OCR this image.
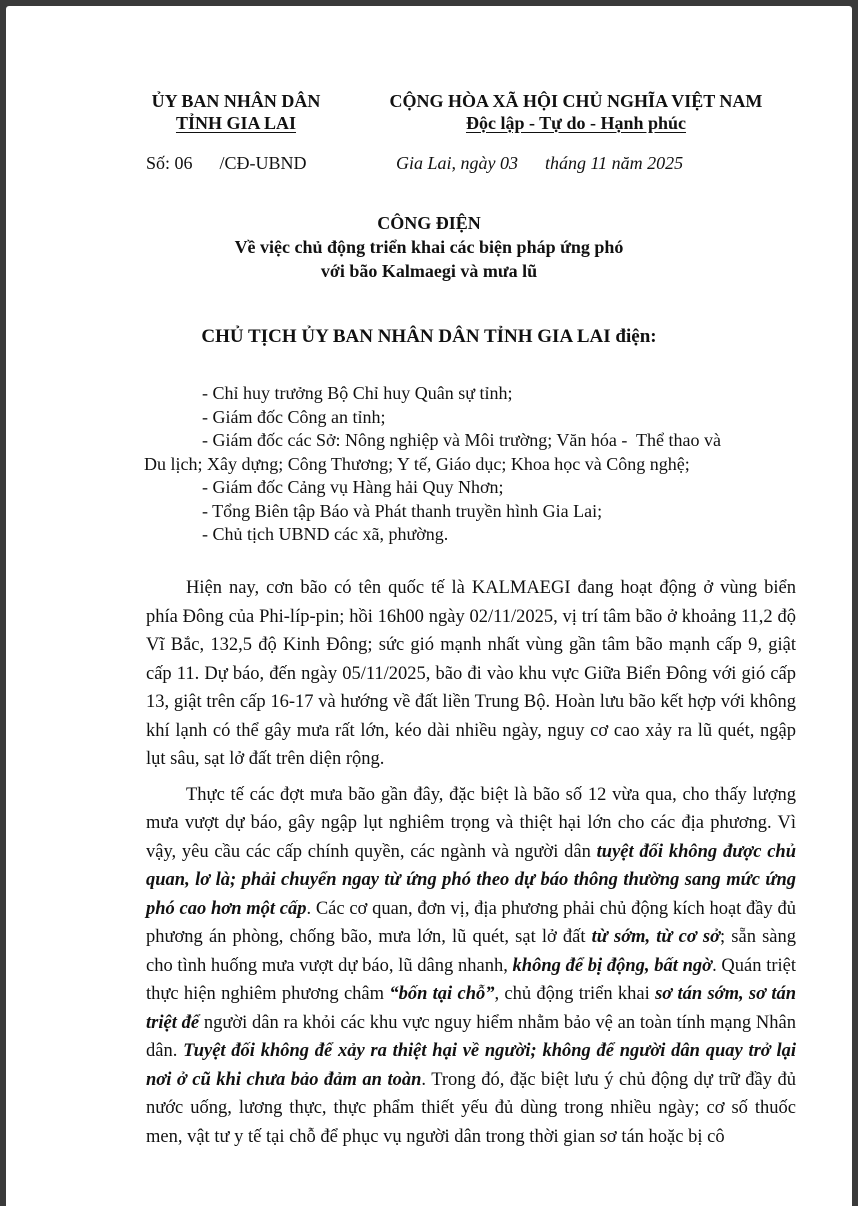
ỦY BAN NHÂN DÂN
TỈNH GIA LAI
CỘNG HÒA XÃ HỘI CHỦ NGHĨA VIỆT NAM
Độc lập - Tự do - Hạnh phúc
Số: 06      /CĐ-UBND	Gia Lai, ngày 03      tháng 11 năm 2025
CÔNG ĐIỆN
Về việc chủ động triển khai các biện pháp ứng phó
với bão Kalmaegi và mưa lũ
CHỦ TỊCH ỦY BAN NHÂN DÂN TỈNH GIA LAI điện:

- Chỉ huy trưởng Bộ Chỉ huy Quân sự tỉnh;

- Giám đốc Công an tỉnh;

- Giám đốc các Sở: Nông nghiệp và Môi trường; Văn hóa -  Thể thao và

Du lịch; Xây dựng; Công Thương; Y tế, Giáo dục; Khoa học và Công nghệ;

- Giám đốc Cảng vụ Hàng hải Quy Nhơn;

- Tổng Biên tập Báo và Phát thanh truyền hình Gia Lai;

- Chủ tịch UBND các xã, phường.

Hiện nay, cơn bão có tên quốc tế là KALMAEGI đang hoạt động ở vùng biển phía Đông của Phi-líp-pin; hồi 16h00 ngày 02/11/2025, vị trí tâm bão ở khoảng 11,2 độ Vĩ Bắc, 132,5 độ Kinh Đông; sức gió mạnh nhất vùng gần tâm bão mạnh cấp 9, giật cấp 11. Dự báo, đến ngày 05/11/2025, bão đi vào khu vực Giữa Biển Đông với gió cấp 13, giật trên cấp 16-17 và hướng về đất liền Trung Bộ. Hoàn lưu bão kết hợp với không khí lạnh có thể gây mưa rất lớn, kéo dài nhiều ngày, nguy cơ cao xảy ra lũ quét, ngập lụt sâu, sạt lở đất trên diện rộng.

Thực tế các đợt mưa bão gần đây, đặc biệt là bão số 12 vừa qua, cho thấy lượng mưa vượt dự báo, gây ngập lụt nghiêm trọng và thiệt hại lớn cho các địa phương. Vì vậy, yêu cầu các cấp chính quyền, các ngành và người dân tuyệt đối không được chủ quan, lơ là; phải chuyển ngay từ ứng phó theo dự báo thông thường sang mức ứng phó cao hơn một cấp. Các cơ quan, đơn vị, địa phương phải chủ động kích hoạt đầy đủ phương án phòng, chống bão, mưa lớn, lũ quét, sạt lở đất từ sớm, từ cơ sở; sẵn sàng cho tình huống mưa vượt dự báo, lũ dâng nhanh, không để bị động, bất ngờ. Quán triệt thực hiện nghiêm phương châm “bốn tại chỗ”, chủ động triển khai sơ tán sớm, sơ tán triệt để người dân ra khỏi các khu vực nguy hiểm nhằm bảo vệ an toàn tính mạng Nhân dân. Tuyệt đối không để xảy ra thiệt hại về người; không để người dân quay trở lại nơi ở cũ khi chưa bảo đảm an toàn. Trong đó, đặc biệt lưu ý chủ động dự trữ đầy đủ nước uống, lương thực, thực phẩm thiết yếu đủ dùng trong nhiều ngày; cơ số thuốc men, vật tư y tế tại chỗ để phục vụ người dân trong thời gian sơ tán hoặc bị cô
